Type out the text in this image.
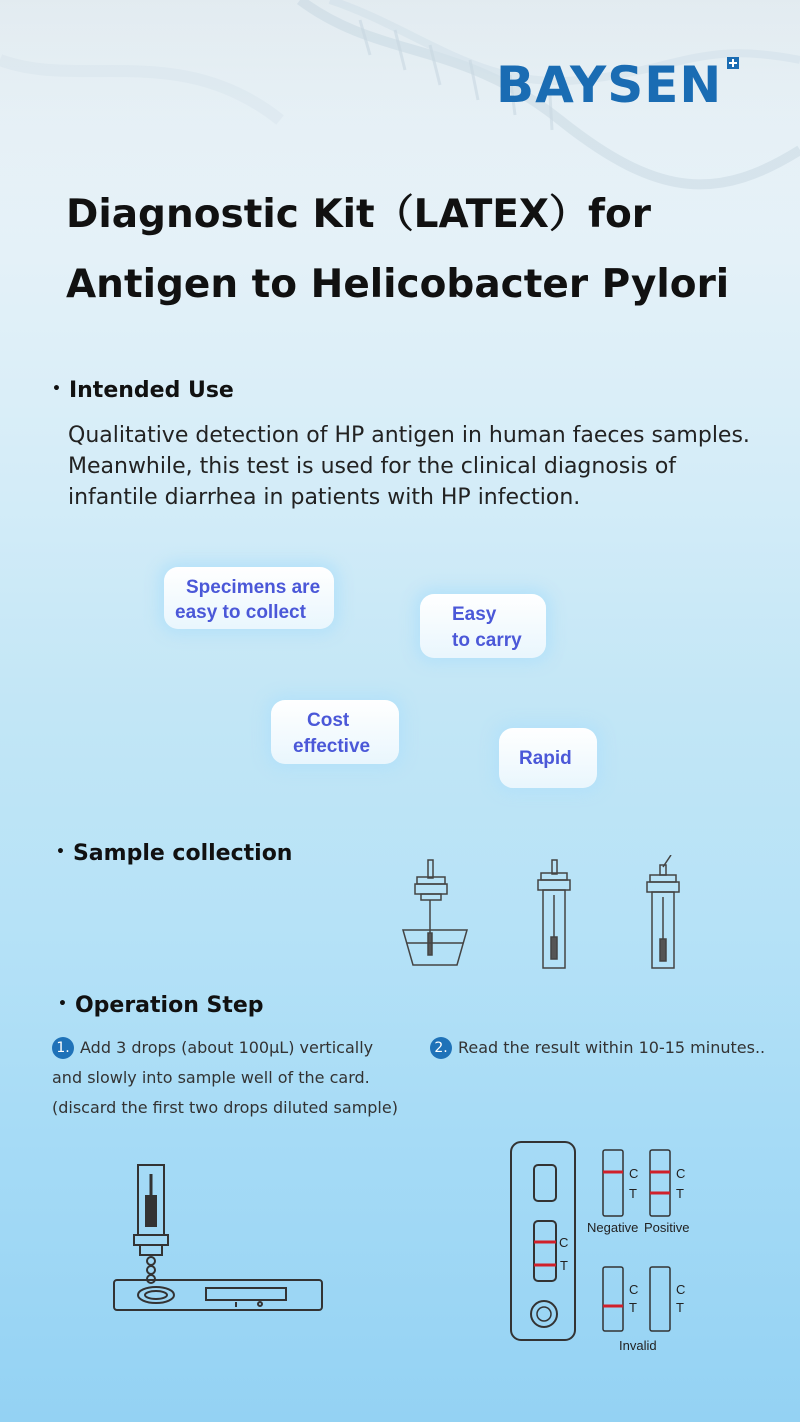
BAYSEN
Diagnostic Kit（LATEX）for
Antigen to Helicobacter Pylori
• Intended Use
Qualitative detection of HP antigen in human faeces samples.
Meanwhile, this test is used for the clinical diagnosis of
infantile diarrhea in patients with HP infection.
Specimens are
easy to collect	Easy
to carry
Cost
effective
Rapid
• Sample collection
• Operation Step
1. Add 3 drops (about 100μL) vertically
and slowly into sample well of the card.
(discard the first two drops diluted sample)
2. Read the result within 10-15 minutes..
C
T
C
T
C
T
C
T
C
T
Negative Positive
Invalid
